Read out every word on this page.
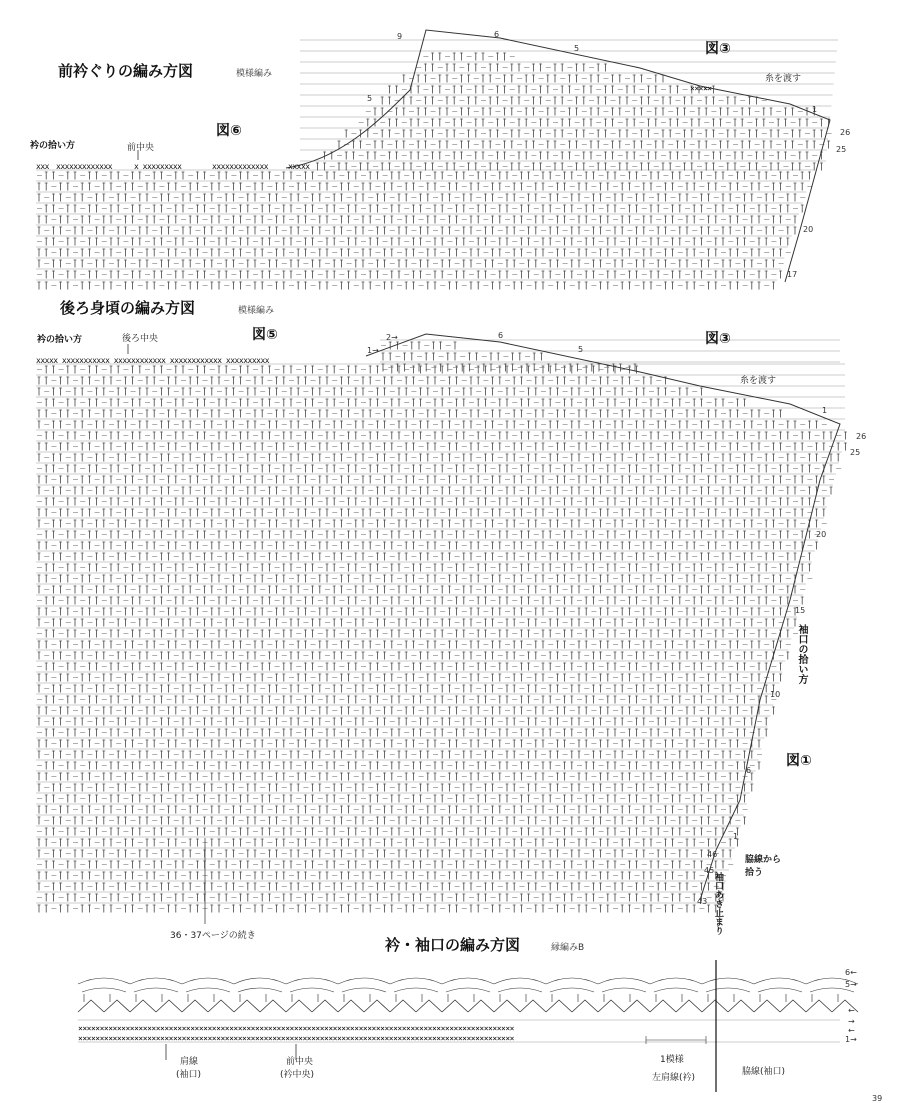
前衿ぐりの編み方図	模様編み
図⑥
図③
衿の拾い方	前中央
糸を渡す
xxx xxxxxxxxxxxxx	x xxxxxxxxx	xxxxxxxxxxxxx xxxxx
×××××
9	6
5
5
1
26
25
20
17
後ろ身頃の編み方図	模様編み
図⑤	図③
図①
衿の拾い方	後ろ中央
糸を渡す
xxxxx xxxxxxxxxxx xxxxxxxxxxxx xxxxxxxxxxxx xxxxxxxxxx
袖口の拾い方
脇線から拾う
袖口あき止まり
36・37ページの続き
2→
1→
6
5
1
26
25
20
15
10
6
1
46
45
43
衿・袖口の編み方図	縁編みB
×××××××××××××××××××××××××××××××××××××××××××××××××××××××××××××××××××××××××××××××××××××××××××××××××××××
×××××××××××××××××××××××××××××××××××××××××××××××××××××××××××××××××××××××××××××××××××××××××××××××××××××
6←
5→
←
→
←
1→
肩線
(袖口)
前中央
(衿中央)
1模様
左肩線(衿)
脇線(袖口)
39
